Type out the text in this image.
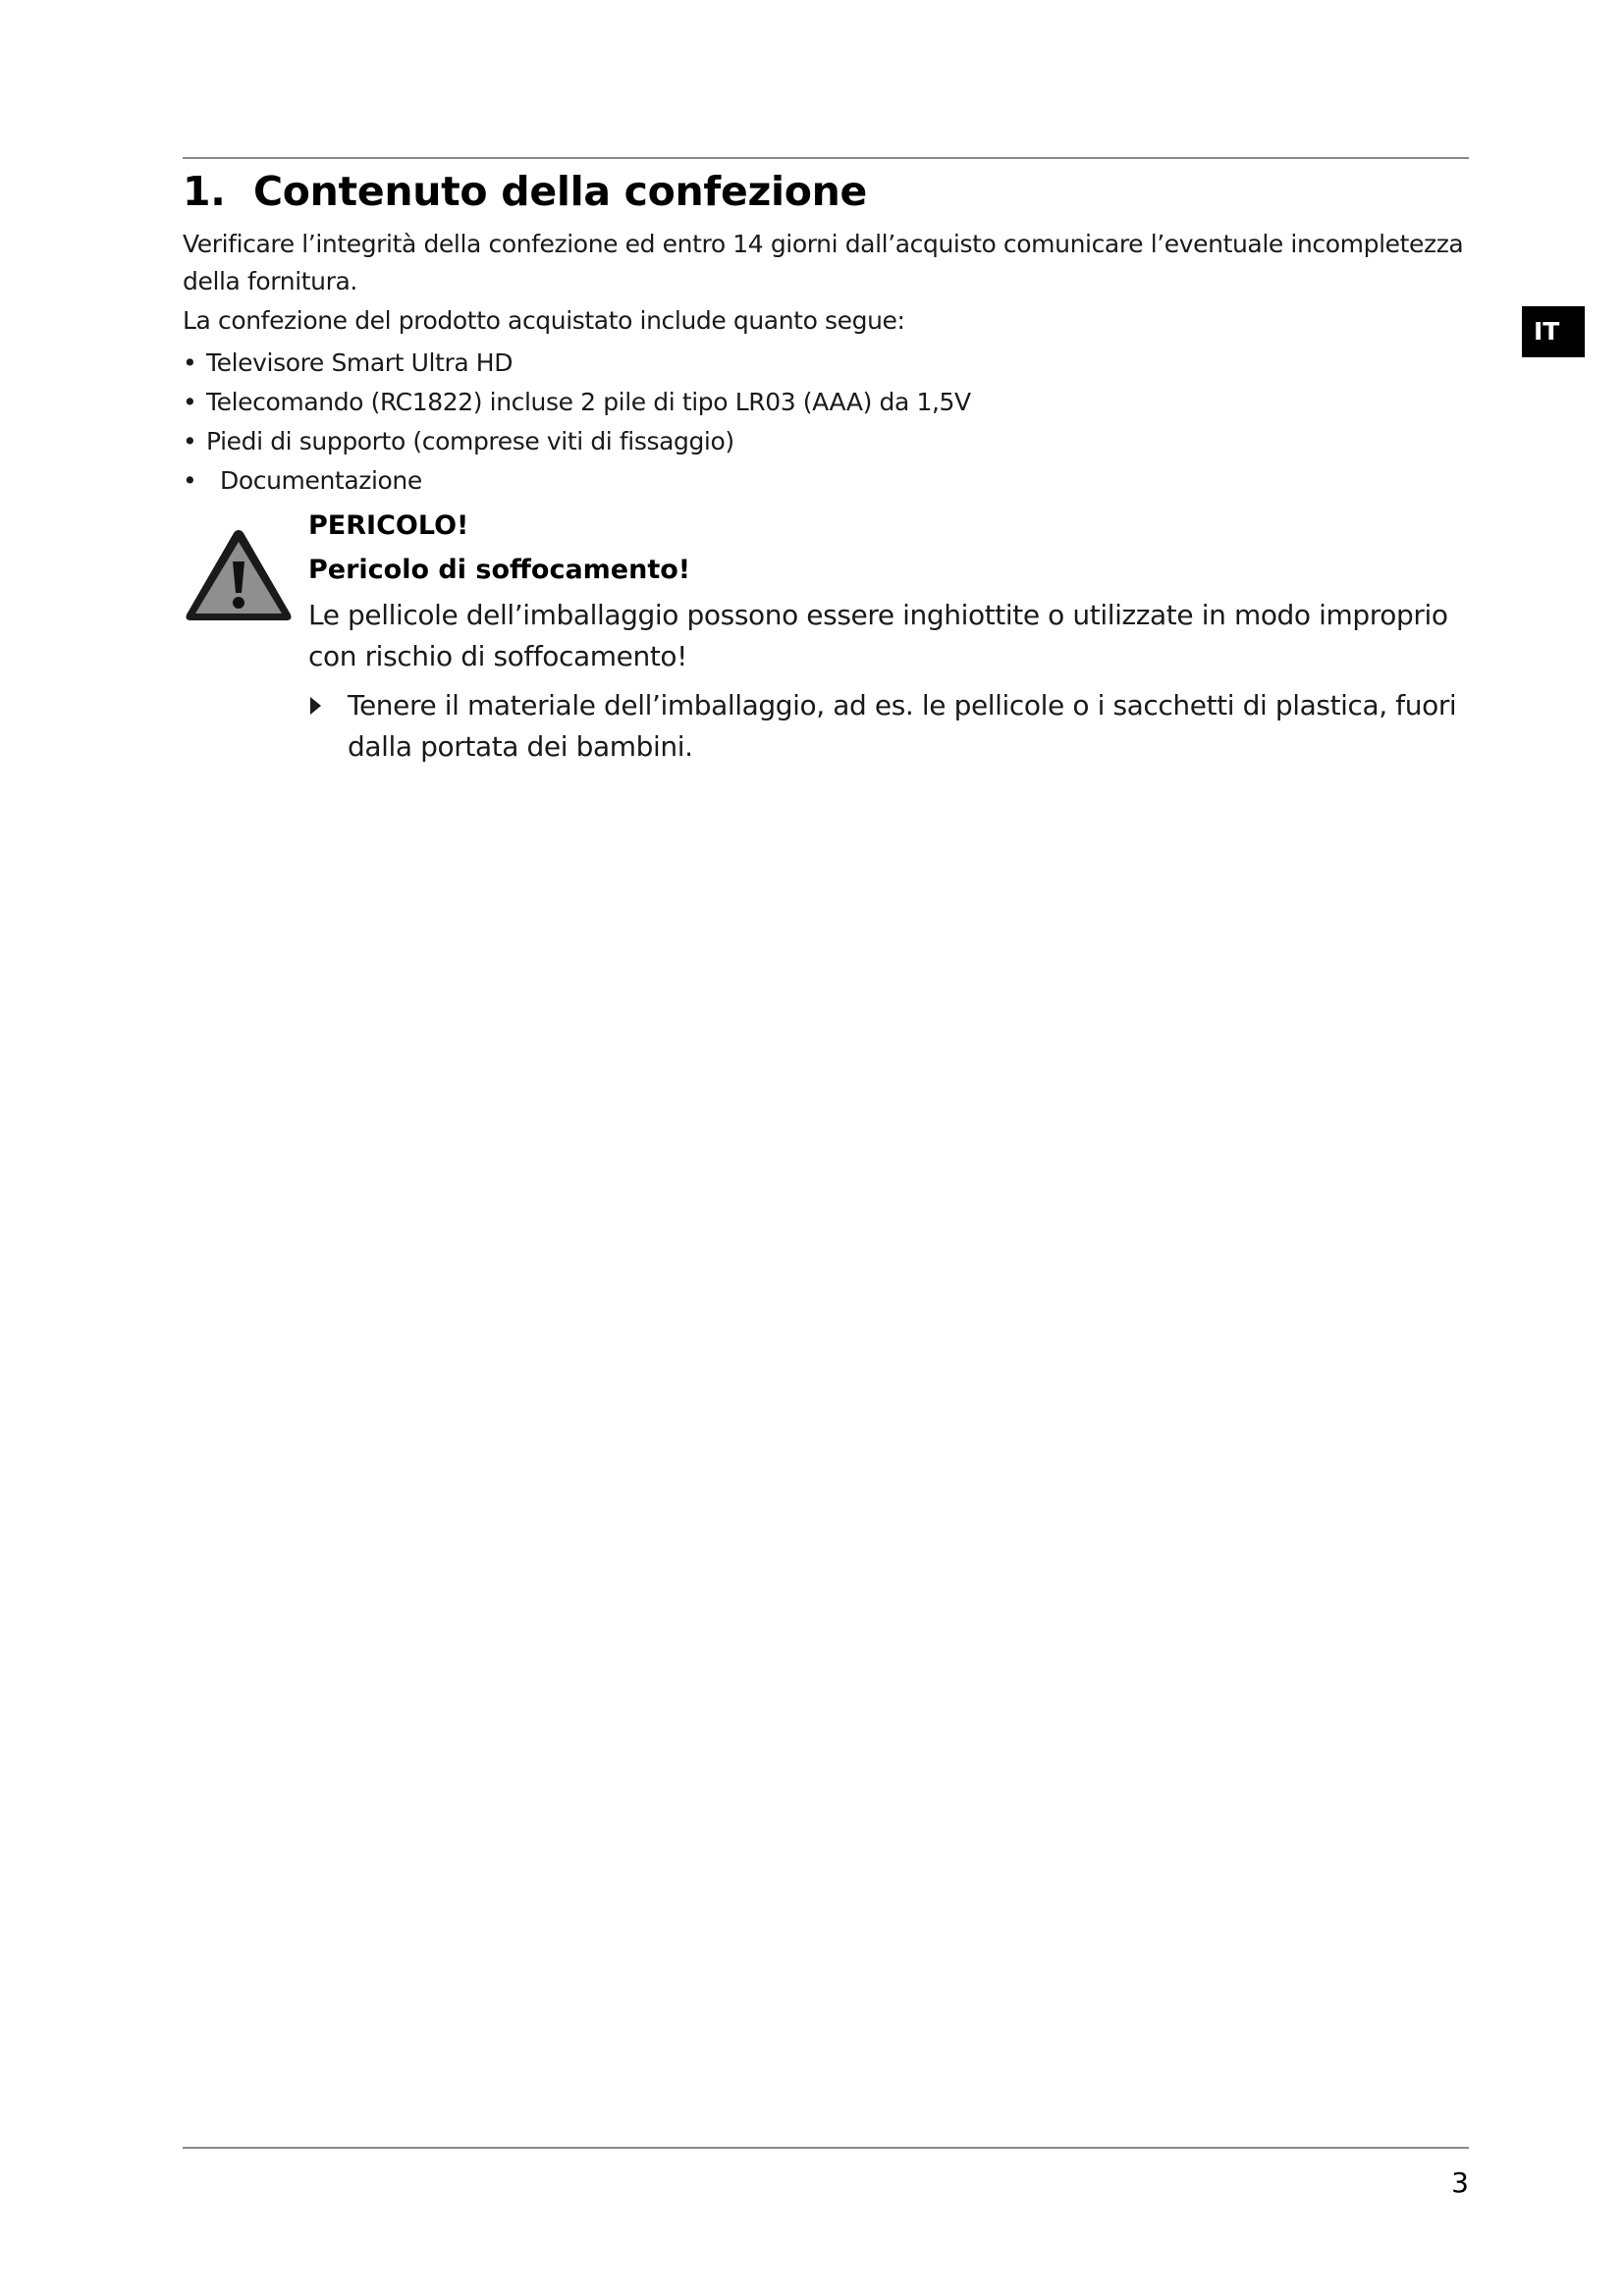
IT
1. Contenuto della confezione

Verificare l’integrità della confezione ed entro 14 giorni dall’acquisto comunicare l’eventuale incompletezza della fornitura.

La confezione del prodotto acquistato include quanto segue:

• Televisore Smart Ultra HD
• Telecomando (RC1822) incluse 2 pile di tipo LR03 (AAA) da 1,5V
• Piedi di supporto (comprese viti di fissaggio)
• Documentazione
PERICOLO!
Pericolo di soffocamento!
Le pellicole dell’imballaggio possono essere inghiottite o utilizzate in modo improprio con rischio di soffocamento!
Tenere il materiale dell’imballaggio, ad es. le pellicole o i sacchetti di plastica, fuori dalla portata dei bambini.
3
